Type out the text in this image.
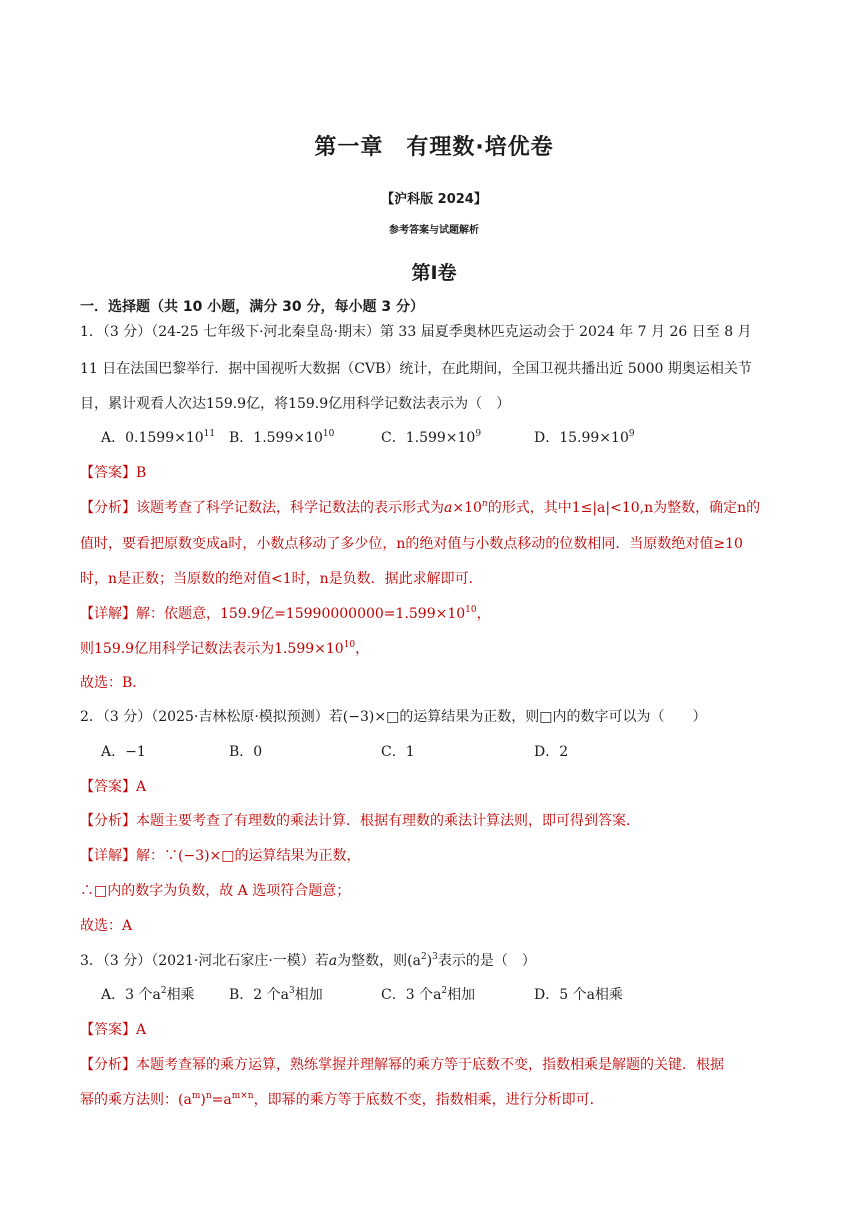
第一章　有理数·培优卷
【沪科版 2024】
参考答案与试题解析
第Ⅰ卷
一．选择题（共 10 小题，满分 30 分，每小题 3 分）
1．（3 分）（24-25 七年级下·河北秦皇岛·期末）第 33 届夏季奥林匹克运动会于 2024 年 7 月 26 日至 8 月
11 日在法国巴黎举行．据中国视听大数据（CVB）统计，在此期间，全国卫视共播出近 5000 期奥运相关节
目，累计观看人次达159.9亿，将159.9亿用科学记数法表示为（　）
A．$0.1599\times 10^{11}$ B．$1.599\times 10^{10}$	C．$1.599\times 10^9$	D．$15.99\times 10^9$
【答案】B
【分析】该题考查了科学记数法，科学记数法的表示形式为$a\times 10^n$的形式，其中1≤|a|<10,n为整数，确定n的
值时，要看把原数变成a时，小数点移动了多少位，n的绝对值与小数点移动的位数相同．当原数绝对值≥10
时，n是正数；当原数的绝对值<1时，n是负数．据此求解即可．
【详解】解：依题意，159.9亿$=15990000000=1.599\times 10^{10}$，
则159.9亿用科学记数法表示为$1.599\times 10^{10}$，
故选：B．
2．（3 分）（2025·吉林松原·模拟预测）若(−3)×□的运算结果为正数，则□内的数字可以为（　　）
A．−1	B．0	C．1	D．2
【答案】A
【分析】本题主要考查了有理数的乘法计算．根据有理数的乘法计算法则，即可得到答案．
【详解】解：∵(−3)×□的运算结果为正数，
∴□内的数字为负数，故 A 选项符合题意；
故选：A
3．（3 分）（2021·河北石家庄·一模）若a为整数，则$(a^2)^3$表示的是（　）
A．3 个$a^2$相乘 B．2 个$a^3$相加	C．3 个$a^2$相加	D．5 个a相乘
【答案】A
【分析】本题考查幂的乘方运算，熟练掌握并理解幂的乘方等于底数不变，指数相乘是解题的关键．根据
幂的乘方法则：$(a^m)^n=a^{m\times n}$，即幂的乘方等于底数不变，指数相乘，进行分析即可．
